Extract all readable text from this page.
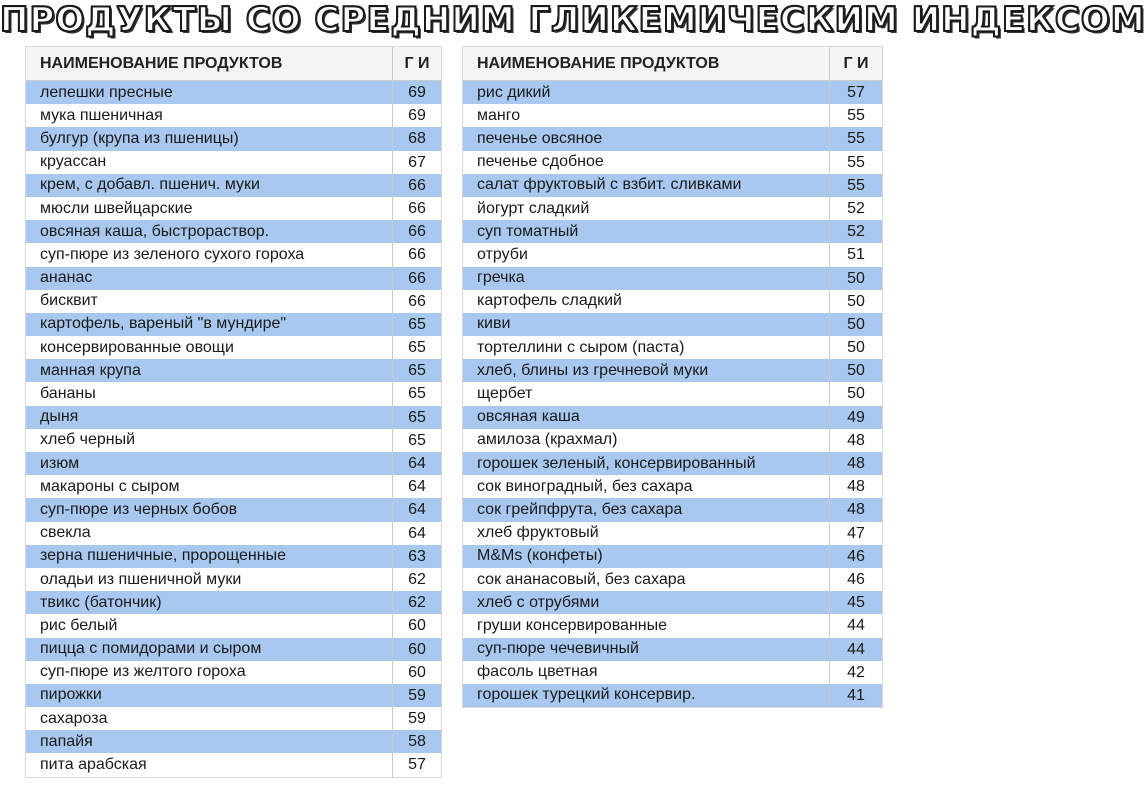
ПРОДУКТЫ СО СРЕДНИМ ГЛИКЕМИЧЕСКИМ ИНДЕКСОМ
НАИМЕНОВАНИЕ ПРОДУКТОВ	Г И
лепешки пресные	69
мука пшеничная	69
булгур (крупа из пшеницы)	68
круассан	67
крем, с добавл. пшенич. муки	66
мюсли швейцарские	66
овсяная каша, быстрораствор.	66
суп-пюре из зеленого сухого гороха	66
ананас	66
бисквит	66
картофель, вареный "в мундире"	65
консервированные овощи	65
манная крупа	65
бананы	65
дыня	65
хлеб черный	65
изюм	64
макароны с сыром	64
суп-пюре из черных бобов	64
свекла	64
зерна пшеничные, пророщенные	63
оладьи из пшеничной муки	62
твикс (батончик)	62
рис белый	60
пицца с помидорами и сыром	60
суп-пюре из желтого гороха	60
пирожки	59
сахароза	59
папайя	58
пита арабская	57
НАИМЕНОВАНИЕ ПРОДУКТОВ	Г И
рис дикий	57
манго	55
печенье овсяное	55
печенье сдобное	55
салат фруктовый с взбит. сливками	55
йогурт сладкий	52
суп томатный	52
отруби	51
гречка	50
картофель сладкий	50
киви	50
тортеллини с сыром (паста)	50
хлеб, блины из гречневой муки	50
щербет	50
овсяная каша	49
амилоза (крахмал)	48
горошек зеленый, консервированный	48
сок виноградный, без сахара	48
сок грейпфрута, без сахара	48
хлеб фруктовый	47
M&Ms (конфеты)	46
сок ананасовый, без сахара	46
хлеб с отрубями	45
груши консервированные	44
суп-пюре чечевичный	44
фасоль цветная	42
горошек турецкий консервир.	41
